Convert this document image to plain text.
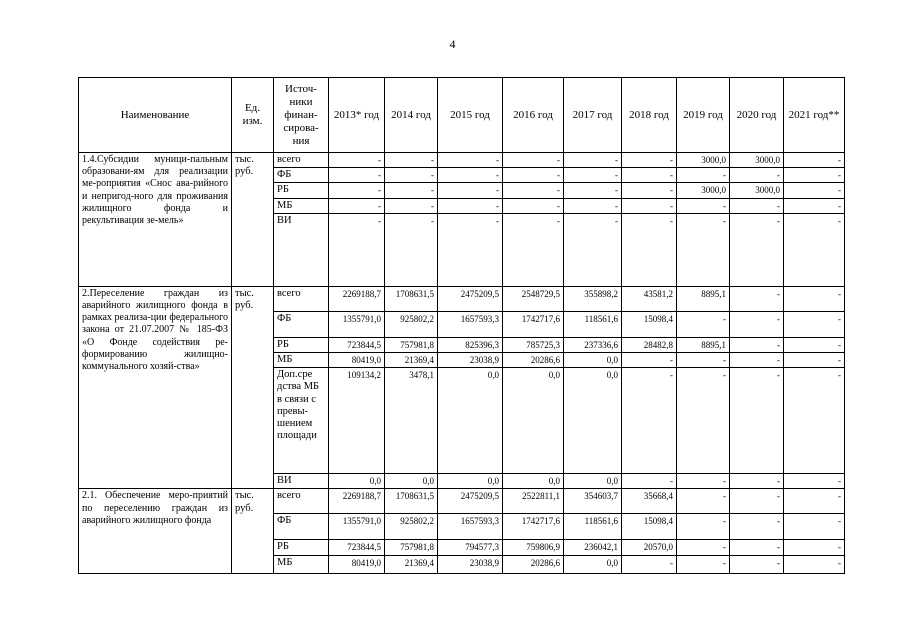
4
Наименование	Ед. изм.	Источ-ники финан-сирова-ния	2013* год	2014 год	2015 год	2016 год	2017 год	2018 год	2019 год	2020 год	2021 год**
1.4.Субсидии муници-пальным образовани-ям для реализации ме-роприятия «Снос ава-рийного и непригод-ного для проживания жилищного фонда и рекультивация зе-мель»	тыс. руб.	всего	-	-	-	-	-	-	3000,0	3000,0	-
		ФБ	-	-	-	-	-	-	-	-	-
		РБ	-	-	-	-	-	-	3000,0	3000,0	-
		МБ	-	-	-	-	-	-	-	-	-
		ВИ	-	-	-	-	-	-	-	-	-
2.Переселение граждан из аварийного жилищного фонда в рамках реализа-ции федерального закона от 21.07.2007 № 185-ФЗ «О Фонде содействия ре-формированию жилищно-коммунального хозяй-ства»	тыс. руб.	всего	2269188,7	1708631,5	2475209,5	2548729,5	355898,2	43581,2	8895,1	-	-
		ФБ	1355791,0	925802,2	1657593,3	1742717,6	118561,6	15098,4	-	-	-
		РБ	723844,5	757981,8	825396,3	785725,3	237336,6	28482,8	8895,1	-	-
		МБ	80419,0	21369,4	23038,9	20286,6	0,0	-	-	-	-
		Доп.сре дства МБ в связи с превы-шением площади	109134,2	3478,1	0,0	0,0	0,0	-	-	-	-
		ВИ	0,0	0,0	0,0	0,0	0,0	-	-	-	-
2.1. Обеспечение меро-приятий по переселению граждан из аварийного жилищного фонда	тыс. руб.	всего	2269188,7	1708631,5	2475209,5	2522811,1	354603,7	35668,4	-	-	-
		ФБ	1355791,0	925802,2	1657593,3	1742717,6	118561,6	15098,4	-	-	-
		РБ	723844,5	757981,8	794577,3	759806,9	236042,1	20570,0	-	-	-
		МБ	80419,0	21369,4	23038,9	20286,6	0,0	-	-	-	-
